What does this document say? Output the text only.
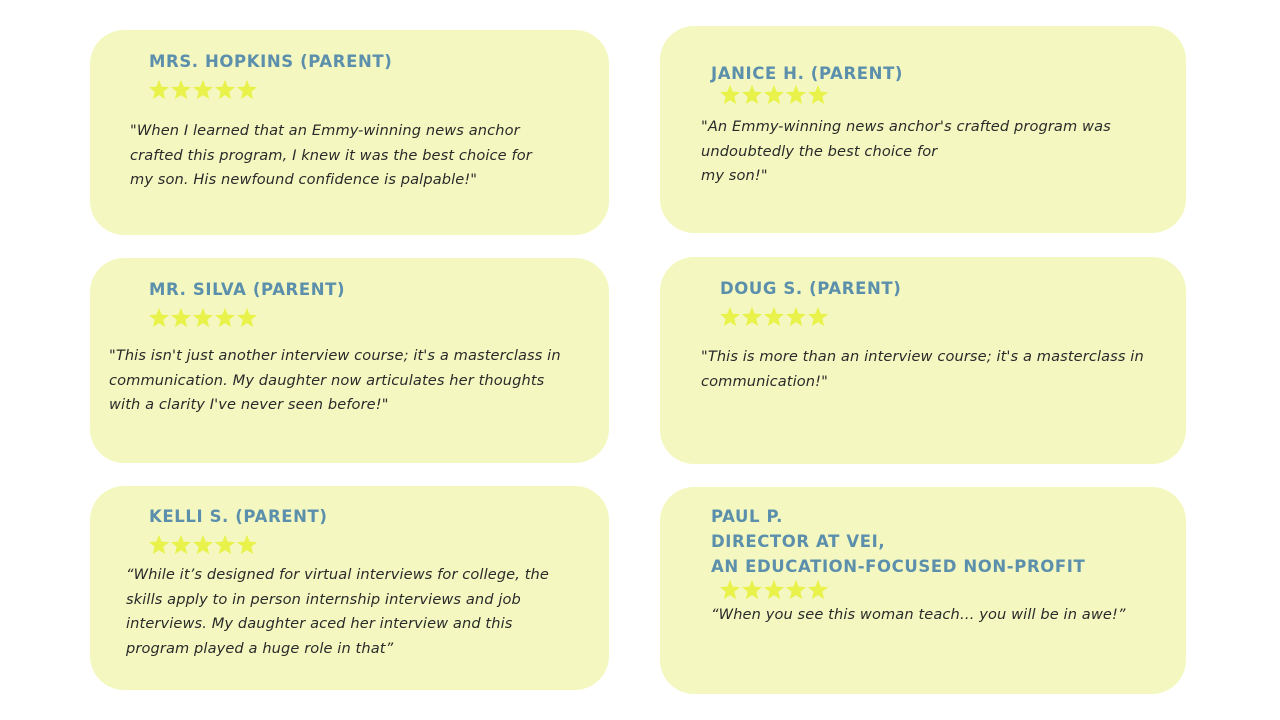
MRS. HOPKINS (PARENT)
"When I learned that an Emmy-winning news anchor
crafted this program, I knew it was the best choice for
my son. His newfound confidence is palpable!"
JANICE H. (PARENT)
"An Emmy-winning news anchor's crafted program was
undoubtedly the best choice for
my son!"
MR. SILVA (PARENT)
"This isn't just another interview course; it's a masterclass in
communication. My daughter now articulates her thoughts
with a clarity I've never seen before!"
DOUG S. (PARENT)
"This is more than an interview course; it's a masterclass in
communication!"
KELLI S. (PARENT)
“While it’s designed for virtual interviews for college, the
skills apply to in person internship interviews and job
interviews. My daughter aced her interview and this
program played a huge role in that”
PAUL P.
DIRECTOR AT VEI,
AN EDUCATION-FOCUSED NON-PROFIT
“When you see this woman teach… you will be in awe!”
